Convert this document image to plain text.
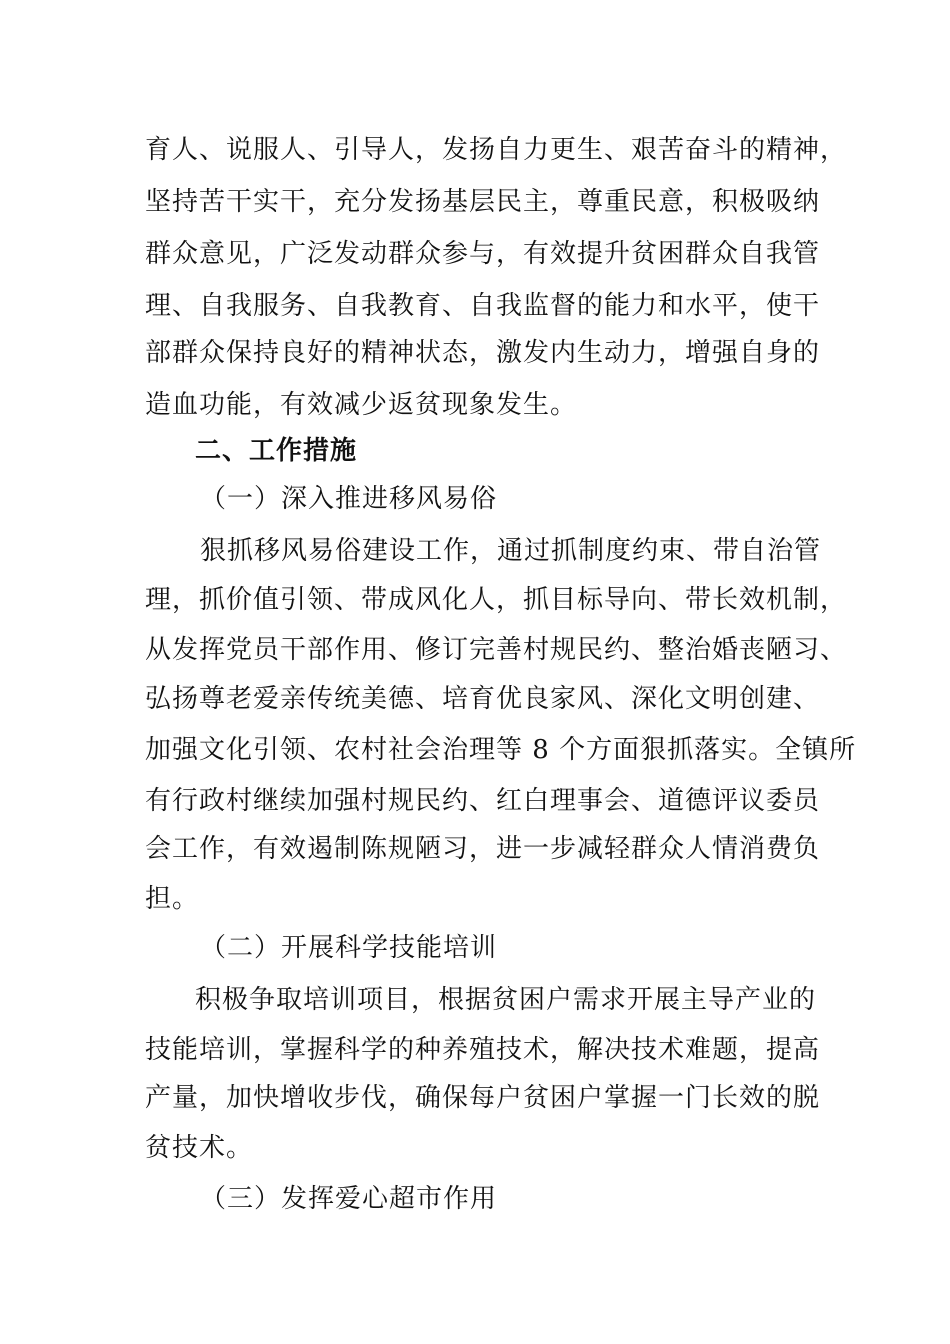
育人、说服人、引导人，发扬自力更生、艰苦奋斗的精神，
坚持苦干实干，充分发扬基层民主，尊重民意，积极吸纳
群众意见，广泛发动群众参与，有效提升贫困群众自我管
理、自我服务、自我教育、自我监督的能力和水平，使干
部群众保持良好的精神状态，激发内生动力，增强自身的
造血功能，有效减少返贫现象发生。
二、工作措施
（一）深入推进移风易俗
狠抓移风易俗建设工作，通过抓制度约束、带自治管
理，抓价值引领、带成风化人，抓目标导向、带长效机制，
从发挥党员干部作用、修订完善村规民约、整治婚丧陋习、
弘扬尊老爱亲传统美德、培育优良家风、深化文明创建、
加强文化引领、农村社会治理等 8 个方面狠抓落实。全镇所
有行政村继续加强村规民约、红白理事会、道德评议委员
会工作，有效遏制陈规陋习，进一步减轻群众人情消费负
担。
（二）开展科学技能培训
积极争取培训项目，根据贫困户需求开展主导产业的
技能培训，掌握科学的种养殖技术，解决技术难题，提高
产量，加快增收步伐，确保每户贫困户掌握一门长效的脱
贫技术。
（三）发挥爱心超市作用
